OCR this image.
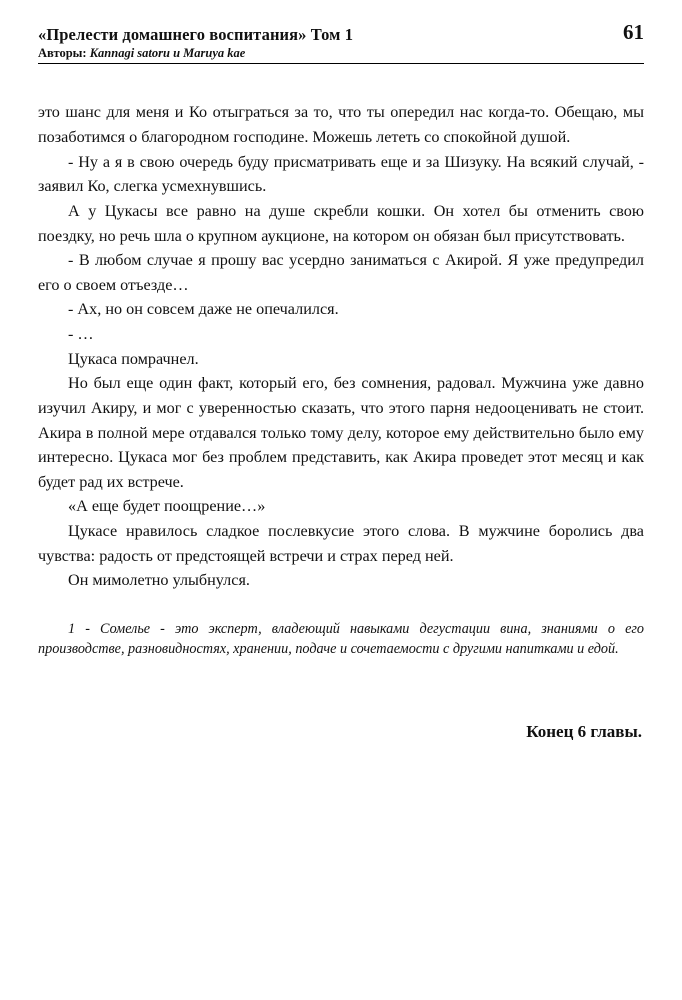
«Прелести домашнего воспитания» Том 1	61
Авторы: Kannagi satoru и Maruya kae

это шанс для меня и Ко отыграться за то, что ты опередил нас когда-то. Обещаю, мы позаботимся о благородном господине. Можешь лететь со спокойной душой.

- Ну а я в свою очередь буду присматривать еще и за Шизуку. На всякий случай, - заявил Ко, слегка усмехнувшись.

А у Цукасы все равно на душе скребли кошки. Он хотел бы отменить свою поездку, но речь шла о крупном аукционе, на котором он обязан был присутствовать.

- В любом случае я прошу вас усердно заниматься с Акирой. Я уже предупредил его о своем отъезде…

- Ах, но он совсем даже не опечалился.

- …

Цукаса помрачнел.

Но был еще один факт, который его, без сомнения, радовал. Мужчина уже давно изучил Акиру, и мог с уверенностью сказать, что этого парня недооценивать не стоит. Акира в полной мере отдавался только тому делу, которое ему действительно было ему интересно. Цукаса мог без проблем представить, как Акира проведет этот месяц и как будет рад их встрече.

«А еще будет поощрение…»

Цукасе нравилось сладкое послевкусие этого слова. В мужчине боролись два чувства: радость от предстоящей встречи и страх перед ней.

Он мимолетно улыбнулся.

1 - Сомелье - это эксперт, владеющий навыками дегустации вина, знаниями о его производстве, разновидностях, хранении, подаче и сочетаемости с другими напитками и едой.

Конец 6 главы.
